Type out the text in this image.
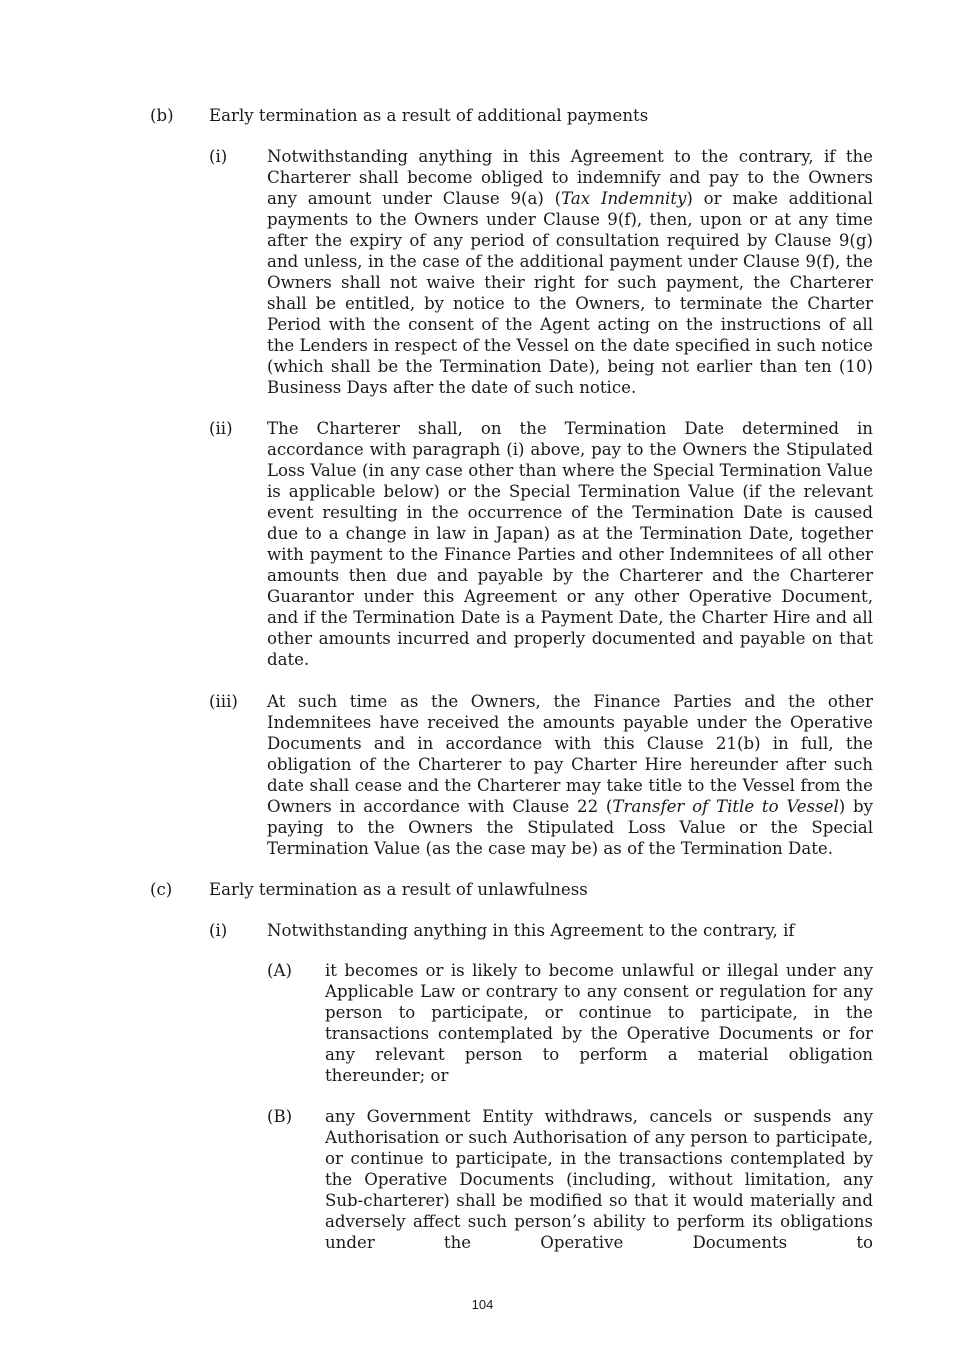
(b) Early termination as a result of additional payments
(i) Notwithstanding anything in this Agreement to the contrary, if the Charterer shall become obliged to indemnify and pay to the Owners any amount under Clause 9(a) (Tax Indemnity) or make additional payments to the Owners under Clause 9(f), then, upon or at any time after the expiry of any period of consultation required by Clause 9(g) and unless, in the case of the additional payment under Clause 9(f), the Owners shall not waive their right for such payment, the Charterer shall be entitled, by notice to the Owners, to terminate the Charter Period with the consent of the Agent acting on the instructions of all the Lenders in respect of the Vessel on the date specified in such notice (which shall be the Termination Date), being not earlier than ten (10) Business Days after the date of such notice.
(ii) The Charterer shall, on the Termination Date determined in accordance with paragraph (i) above, pay to the Owners the Stipulated Loss Value (in any case other than where the Special Termination Value is applicable below) or the Special Termination Value (if the relevant event resulting in the occurrence of the Termination Date is caused due to a change in law in Japan) as at the Termination Date, together with payment to the Finance Parties and other Indemnitees of all other amounts then due and payable by the Charterer and the Charterer Guarantor under this Agreement or any other Operative Document, and if the Termination Date is a Payment Date, the Charter Hire and all other amounts incurred and properly documented and payable on that date.
(iii) At such time as the Owners, the Finance Parties and the other Indemnitees have received the amounts payable under the Operative Documents and in accordance with this Clause 21(b) in full, the obligation of the Charterer to pay Charter Hire hereunder after such date shall cease and the Charterer may take title to the Vessel from the Owners in accordance with Clause 22 (Transfer of Title to Vessel) by paying to the Owners the Stipulated Loss Value or the Special Termination Value (as the case may be) as of the Termination Date.
(c) Early termination as a result of unlawfulness
(i) Notwithstanding anything in this Agreement to the contrary, if
(A) it becomes or is likely to become unlawful or illegal under any Applicable Law or contrary to any consent or regulation for any person to participate, or continue to participate, in the transactions contemplated by the Operative Documents or for any relevant person to perform a material obligation thereunder; or
(B) any Government Entity withdraws, cancels or suspends any Authorisation or such Authorisation of any person to participate, or continue to participate, in the transactions contemplated by the Operative Documents (including, without limitation, any Sub-charterer) shall be modified so that it would materially and adversely affect such person’s ability to perform its obligations under the Operative Documents to
104
